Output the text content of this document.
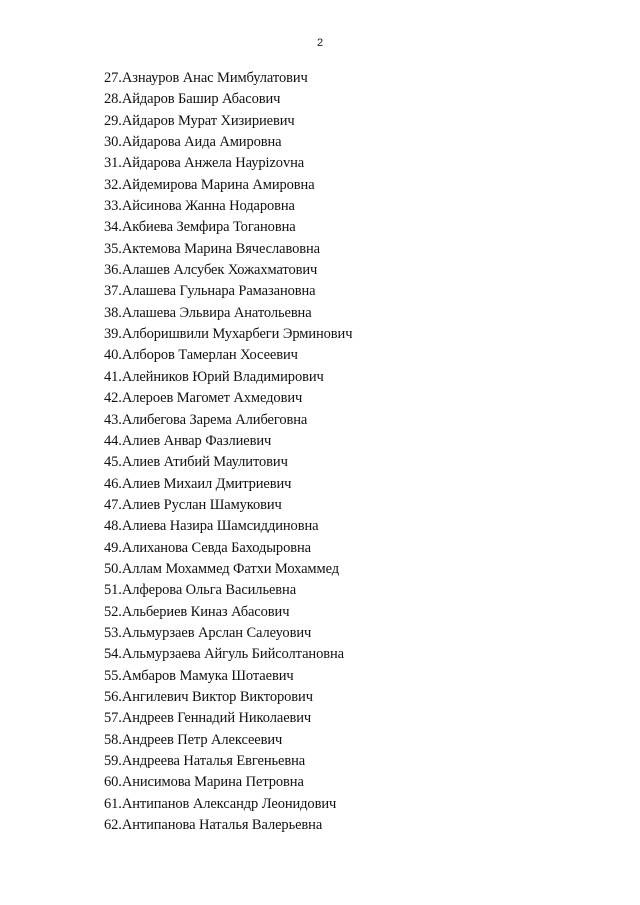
2
27.Азнауров Анас Мимбулатович
28.Айдаров Башир Абасович
29.Айдаров Мурат Хизириевич
30.Айдарова Аида Амировна
31.Айдарова Анжела Наурizovна
32.Айдемирова Марина Амировна
33.Айсинова Жанна Нодаровна
34.Акбиева Земфира Тогановна
35.Актемова Марина Вячеславовна
36.Алашев Алсубек Хожахматович
37.Алашева Гульнара Рамазановна
38.Алашева Эльвира Анатольевна
39.Алборишвили Мухарбеги Эрминович
40.Алборов Тамерлан Хосеевич
41.Алейников Юрий Владимирович
42.Алероев Магомет Ахмедович
43.Алибегова Зарема Алибеговна
44.Алиев Анвар Фазлиевич
45.Алиев Атибий Маулитович
46.Алиев Михаил Дмитриевич
47.Алиев Руслан Шамукович
48.Алиева Назира Шамсиддиновна
49.Алиханова Севда Баходыровна
50.Аллам Мохаммед Фатхи Мохаммед
51.Алферова Ольга Васильевна
52.Альбериев Киназ Абасович
53.Альмурзаев Арслан Салеуович
54.Альмурзаева Айгуль Бийсолтановна
55.Амбаров Мамука Шотаевич
56.Ангилевич Виктор Викторович
57.Андреев Геннадий Николаевич
58.Андреев Петр Алексеевич
59.Андреева Наталья Евгеньевна
60.Анисимова Марина Петровна
61.Антипанов Александр Леонидович
62.Антипанова Наталья Валерьевна
